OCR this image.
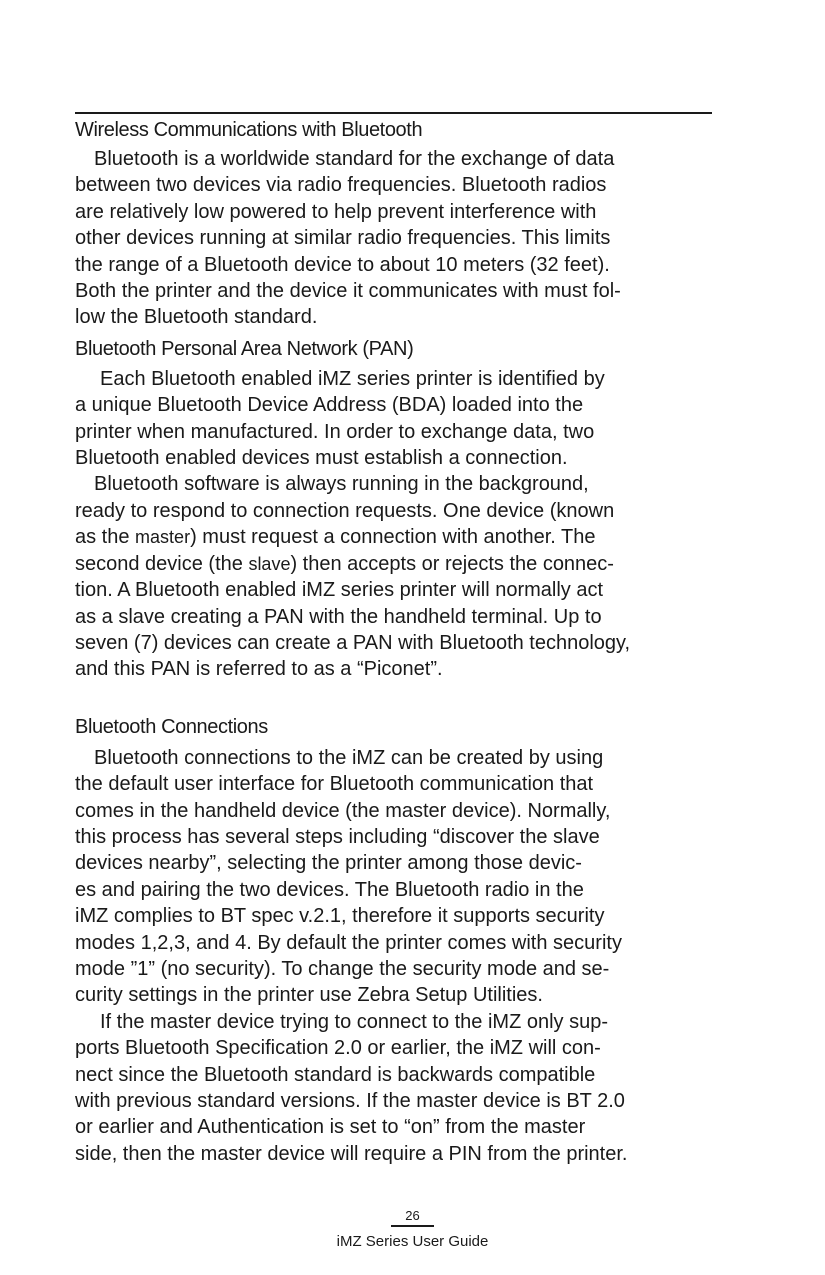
Wireless Communications with Bluetooth

Bluetooth is a worldwide standard for the exchange of data
between two devices via radio frequencies. Bluetooth radios
are relatively low powered to help prevent interference with
other devices running at similar radio frequencies. This limits
the range of a Bluetooth device to about 10 meters (32 feet).
Both the printer and the device it communicates with must fol-
low the Bluetooth standard.

Bluetooth Personal Area Network (PAN)

Each Bluetooth enabled iMZ series printer is identified by
a unique Bluetooth Device Address (BDA) loaded into the
printer when manufactured. In order to exchange data, two
Bluetooth enabled devices must establish a connection.

Bluetooth software is always running in the background,
ready to respond to connection requests. One device (known
as the master) must request a connection with another. The
second device (the slave) then accepts or rejects the connec-
tion. A Bluetooth enabled iMZ series printer will normally act
as a slave creating a PAN with the handheld terminal. Up to
seven (7) devices can create a PAN with Bluetooth technology,
and this PAN is referred to as a “Piconet”.

Bluetooth Connections

Bluetooth connections to the iMZ can be created by using
the default user interface for Bluetooth communication that
comes in the handheld device (the master device). Normally,
this process has several steps including “discover the slave
devices nearby”, selecting the printer among those devic-
es and pairing the two devices. The Bluetooth radio in the
iMZ complies to BT spec v.2.1, therefore it supports security
modes 1,2,3, and 4. By default the printer comes with security
mode ”1” (no security). To change the security mode and se-
curity settings in the printer use Zebra Setup Utilities.

If the master device trying to connect to the iMZ only sup-
ports Bluetooth Specification 2.0 or earlier, the iMZ will con-
nect since the Bluetooth standard is backwards compatible
with previous standard versions. If the master device is BT 2.0
or earlier and Authentication is set to “on” from the master
side, then the master device will require a PIN from the printer.

26
iMZ Series User Guide
